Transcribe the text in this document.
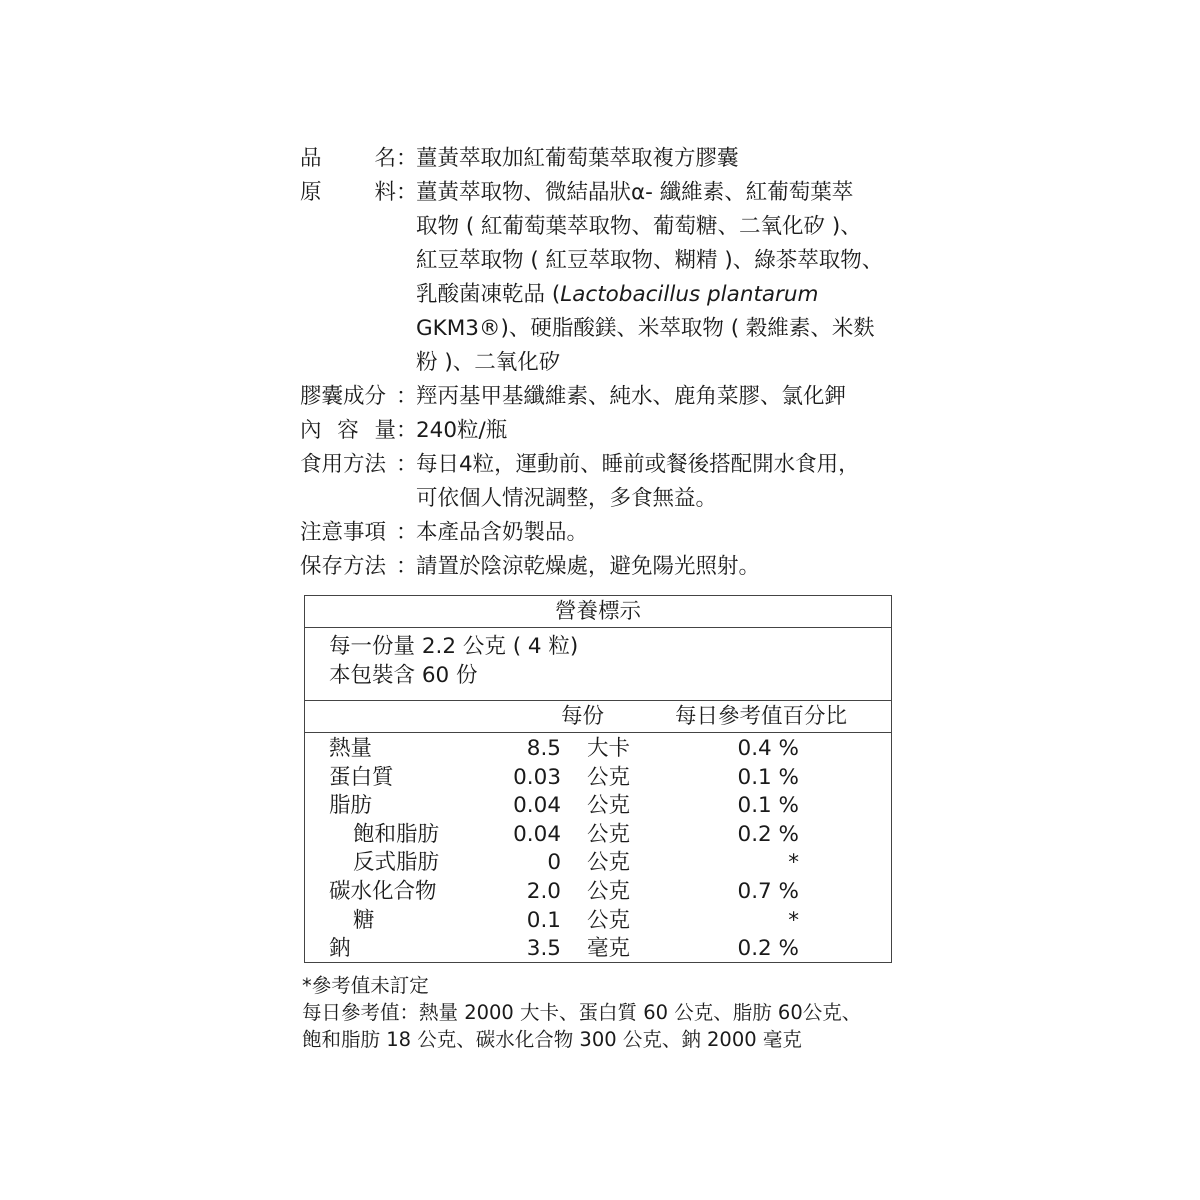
品 名 ：
薑黃萃取加紅葡萄葉萃取複方膠囊
原 料 ：
薑黃萃取物、微結晶狀α- 纖維素、紅葡萄葉萃
取物 ( 紅葡萄葉萃取物、葡萄糖、二氧化矽 )、
紅豆萃取物 ( 紅豆萃取物、糊精 )、綠茶萃取物、
乳酸菌凍乾品 (Lactobacillus plantarum
GKM3®)、硬脂酸鎂、米萃取物 ( 穀維素、米麩
粉 )、二氧化矽
膠囊成分 ：
羥丙基甲基纖維素、純水、鹿角菜膠、氯化鉀
內 容 量 ：
240粒/瓶
食用方法 ：
每日4粒，運動前、睡前或餐後搭配開水食用，
可依個人情況調整，多食無益。
注意事項 ：
本產品含奶製品。
保存方法 ：
請置於陰涼乾燥處，避免陽光照射。
營養標示
每一份量 2.2 公克 ( 4 粒)
本包裝含 60 份
每份	每日參考值百分比
熱量	8.5 大卡	0.4 %
蛋白質	0.03 公克	0.1 %
脂肪	0.04 公克	0.1 %
飽和脂肪	0.04 公克	0.2 %
反式脂肪	0 公克	*
碳水化合物	2.0 公克	0.7 %
糖	0.1 公克	*
鈉	3.5 毫克	0.2 %
*參考值未訂定
每日參考值：熱量 2000 大卡、蛋白質 60 公克、脂肪 60公克、
飽和脂肪 18 公克、碳水化合物 300 公克、鈉 2000 毫克
